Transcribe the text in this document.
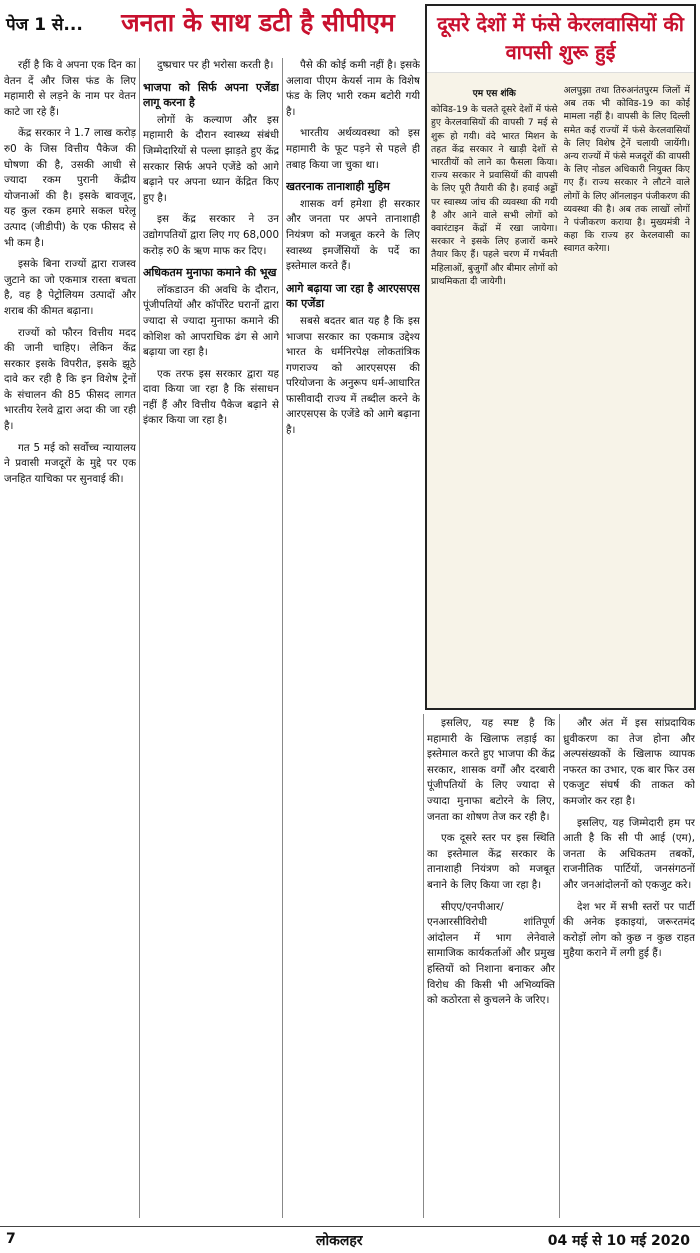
पेज 1 से...	जनता के साथ डटी है सीपीएम	दूसरे देशों में फंसे केरलवासियों की वापसी शुरू हुई
एम एस शंकि
कोविड-19 के चलते दूसरे देशों में फंसे हुए केरलवासियों की वापसी 7 मई से शुरू हो गयी। वंदे भारत मिशन के तहत केंद्र सरकार ने खाड़ी देशों से भारतीयों को लाने का फैसला किया। राज्य सरकार ने प्रवासियों की वापसी के लिए पूरी तैयारी की है। हवाई अड्डों पर स्वास्थ्य जांच की व्यवस्था की गयी है और आने वाले सभी लोगों को क्वारंटाइन केंद्रों में रखा जायेगा। सरकार ने इसके लिए हजारों कमरे तैयार किए हैं। पहले चरण में गर्भवती महिलाओं, बुजुर्गों और बीमार लोगों को प्राथमिकता दी जायेगी।
अलपुझा तथा तिरुअनंतपुरम जिलों में अब तक भी कोविड-19 का कोई मामला नहीं है। वापसी के लिए दिल्ली समेत कई राज्यों में फंसे केरलवासियों के लिए विशेष ट्रेनें चलायी जायेंगी। अन्य राज्यों में फंसे मजदूरों की वापसी के लिए नोडल अधिकारी नियुक्त किए गए हैं। राज्य सरकार ने लौटने वाले लोगों के लिए ऑनलाइन पंजीकरण की व्यवस्था की है। अब तक लाखों लोगों ने पंजीकरण कराया है। मुख्यमंत्री ने कहा कि राज्य हर केरलवासी का स्वागत करेगा।

रहीं है कि वे अपना एक दिन का वेतन दें और जिस फंड के लिए महामारी से लड़ने के नाम पर वेतन काटे जा रहे हैं।

केंद्र सरकार ने 1.7 लाख करोड़ रु0 के जिस वित्तीय पैकेज की घोषणा की है, उसकी आधी से ज्यादा रकम पुरानी केंद्रीय योजनाओं की है। इसके बावजूद, यह कुल रकम हमारे सकल घरेलू उत्पाद (जीडीपी) के एक फीसद से भी कम है।

इसके बिना राज्यों द्वारा राजस्व जुटाने का जो एकमात्र रास्ता बचता है, वह है पेट्रोलियम उत्पादों और शराब की कीमत बढ़ाना।

राज्यों को फौरन वित्तीय मदद की जानी चाहिए। लेकिन केंद्र सरकार इसके विपरीत, इसके झूठे दावे कर रही है कि इन विशेष ट्रेनों के संचालन की 85 फीसद लागत भारतीय रेलवे द्वारा अदा की जा रही है।

गत 5 मई को सर्वोच्च न्यायालय ने प्रवासी मजदूरों के मुद्दे पर एक जनहित याचिका पर सुनवाई की।

दुष्प्रचार पर ही भरोसा करती है।

भाजपा को सिर्फ अपना एजेंडा लागू करना है

लोगों के कल्याण और इस महामारी के दौरान स्वास्थ्य संबंधी जिम्मेदारियों से पल्ला झाड़ते हुए केंद्र सरकार सिर्फ अपने एजेंडे को आगे बढ़ाने पर अपना ध्यान केंद्रित किए हुए है।

इस केंद्र सरकार ने उन उद्योगपतियों द्वारा लिए गए 68,000 करोड़ रु0 के ऋण माफ कर दिए।

अधिकतम मुनाफा कमाने की भूख

लॉकडाउन की अवधि के दौरान, पूंजीपतियों और कॉर्पोरेट घरानों द्वारा ज्यादा से ज्यादा मुनाफा कमाने की कोशिश को आपराधिक ढंग से आगे बढ़ाया जा रहा है।

एक तरफ इस सरकार द्वारा यह दावा किया जा रहा है कि संसाधन नहीं हैं और वित्तीय पैकेज बढ़ाने से इंकार किया जा रहा है।

पैसे की कोई कमी नहीं है। इसके अलावा पीएम केयर्स नाम के विशेष फंड के लिए भारी रकम बटोरी गयी है।

भारतीय अर्थव्यवस्था को इस महामारी के फूट पड़ने से पहले ही तबाह किया जा चुका था।

खतरनाक तानाशाही मुहिम

शासक वर्ग हमेशा ही सरकार और जनता पर अपने तानाशाही नियंत्रण को मजबूत करने के लिए स्वास्थ्य इमर्जेंसियों के पर्दे का इस्तेमाल करते हैं।

आगे बढ़ाया जा रहा है आरएसएस का एजेंडा

सबसे बदतर बात यह है कि इस भाजपा सरकार का एकमात्र उद्देश्य भारत के धर्मनिरपेक्ष लोकतांत्रिक गणराज्य को आरएसएस की परियोजना के अनुरूप धर्म-आधारित फासीवादी राज्य में तब्दील करने के आरएसएस के एजेंडे को आगे बढ़ाना है।

इसलिए, यह स्पष्ट है कि महामारी के खिलाफ लड़ाई का इस्तेमाल करते हुए भाजपा की केंद्र सरकार, शासक वर्गों और दरबारी पूंजीपतियों के लिए ज्यादा से ज्यादा मुनाफा बटोरने के लिए, जनता का शोषण तेज कर रही है।

एक दूसरे स्तर पर इस स्थिति का इस्तेमाल केंद्र सरकार के तानाशाही नियंत्रण को मजबूत बनाने के लिए किया जा रहा है।

सीएए/एनपीआर/एनआरसीविरोधी शांतिपूर्ण आंदोलन में भाग लेनेवाले सामाजिक कार्यकर्ताओं और प्रमुख हस्तियों को निशाना बनाकर और विरोध की किसी भी अभिव्यक्ति को कठोरता से कुचलने के जरिए।

और अंत में इस सांप्रदायिक ध्रुवीकरण का तेज होना और अल्पसंख्यकों के खिलाफ व्यापक नफरत का उभार, एक बार फिर उस एकजुट संघर्ष की ताकत को कमजोर कर रहा है।

इसलिए, यह जिम्मेदारी हम पर आती है कि सी पी आई (एम), जनता के अधिकतम तबकों, राजनीतिक पार्टियों, जनसंगठनों और जनआंदोलनों को एकजुट करे।

देश भर में सभी स्तरों पर पार्टी की अनेक इकाइयां, जरूरतमंद करोड़ों लोग को कुछ न कुछ राहत मुहैया कराने में लगी हुई हैं।

7	लोकलहर	04 मई से 10 मई 2020
